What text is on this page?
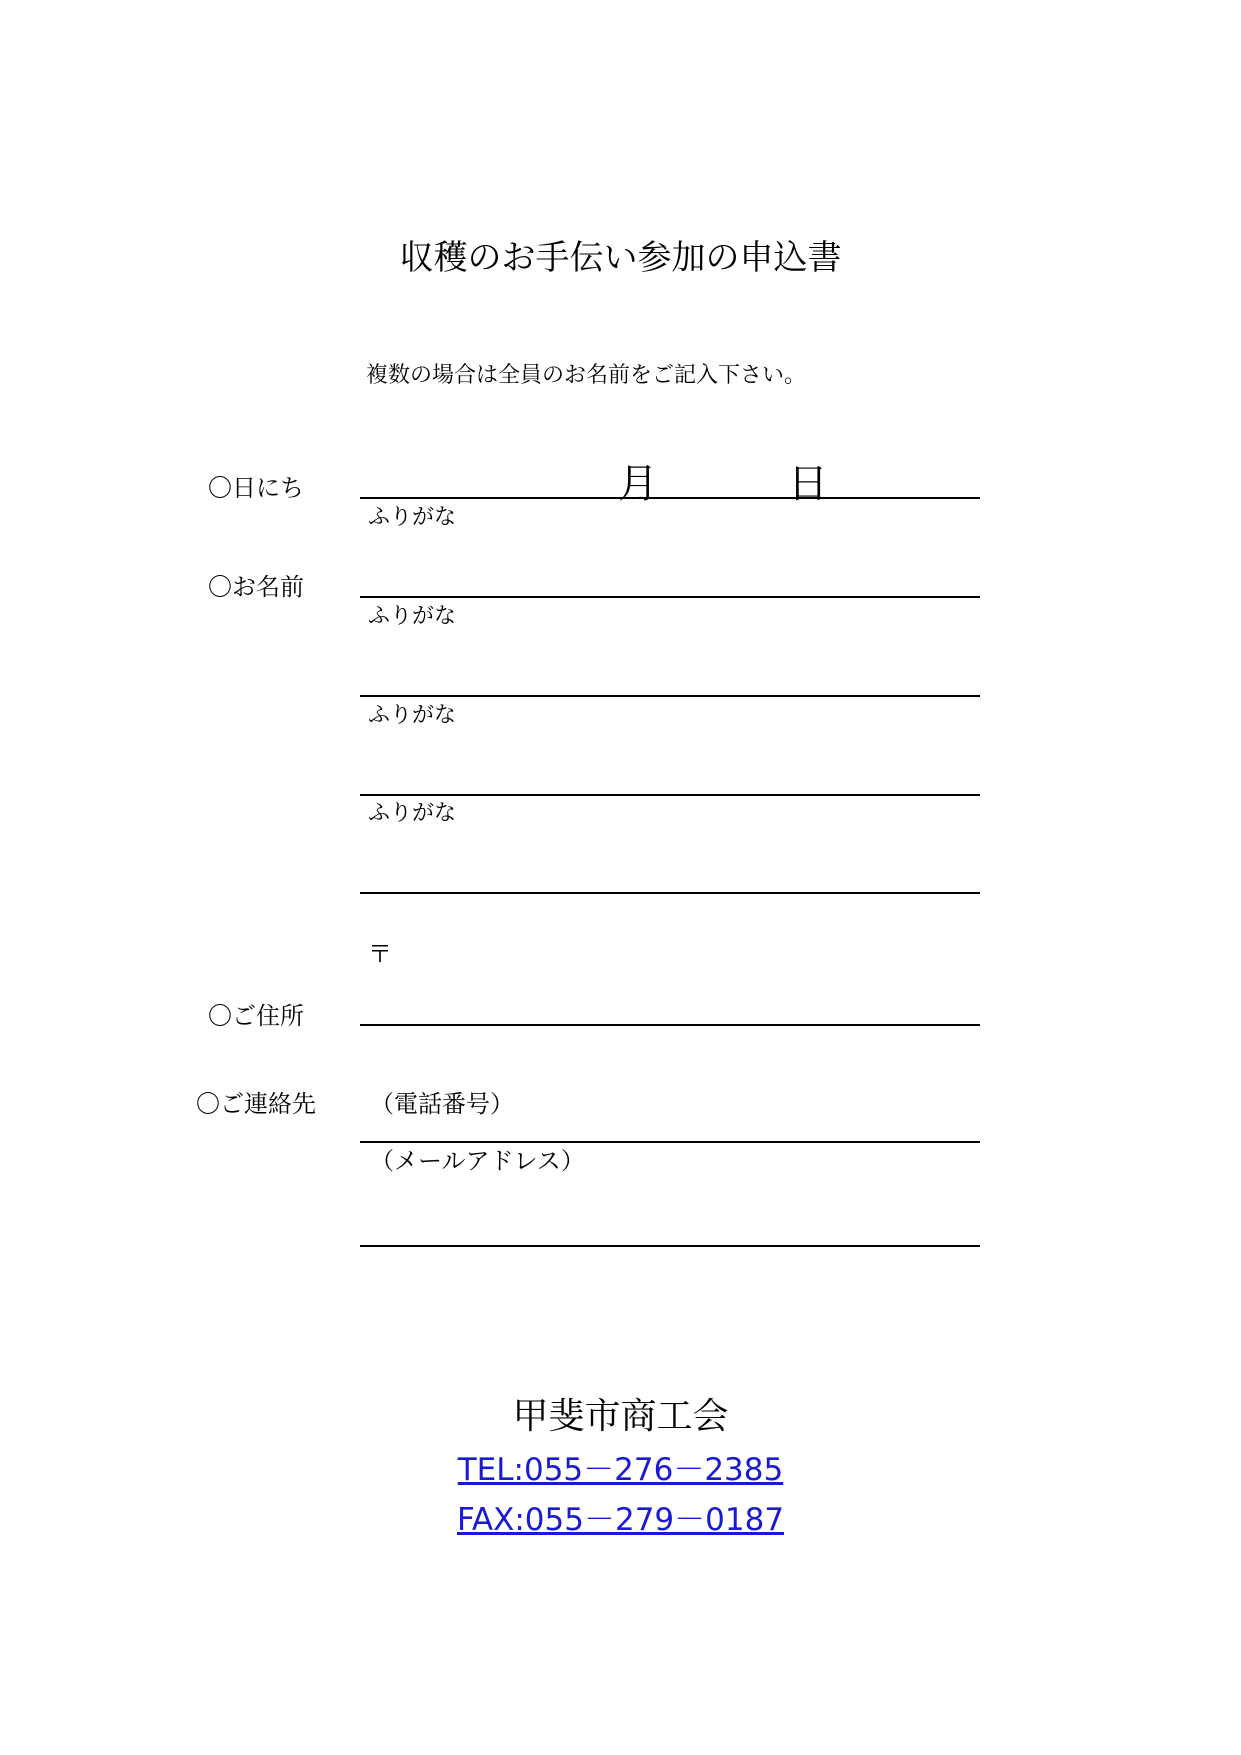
収穫のお手伝い参加の申込書
複数の場合は全員のお名前をご記入下さい。
〇日にち	月	日
ふりがな
〇お名前
ふりがな
ふりがな
ふりがな
〒
〇ご住所
〇ご連絡先 （電話番号）
（メールアドレス）
甲斐市商工会
TEL:055－276－2385
FAX:055－279－0187
